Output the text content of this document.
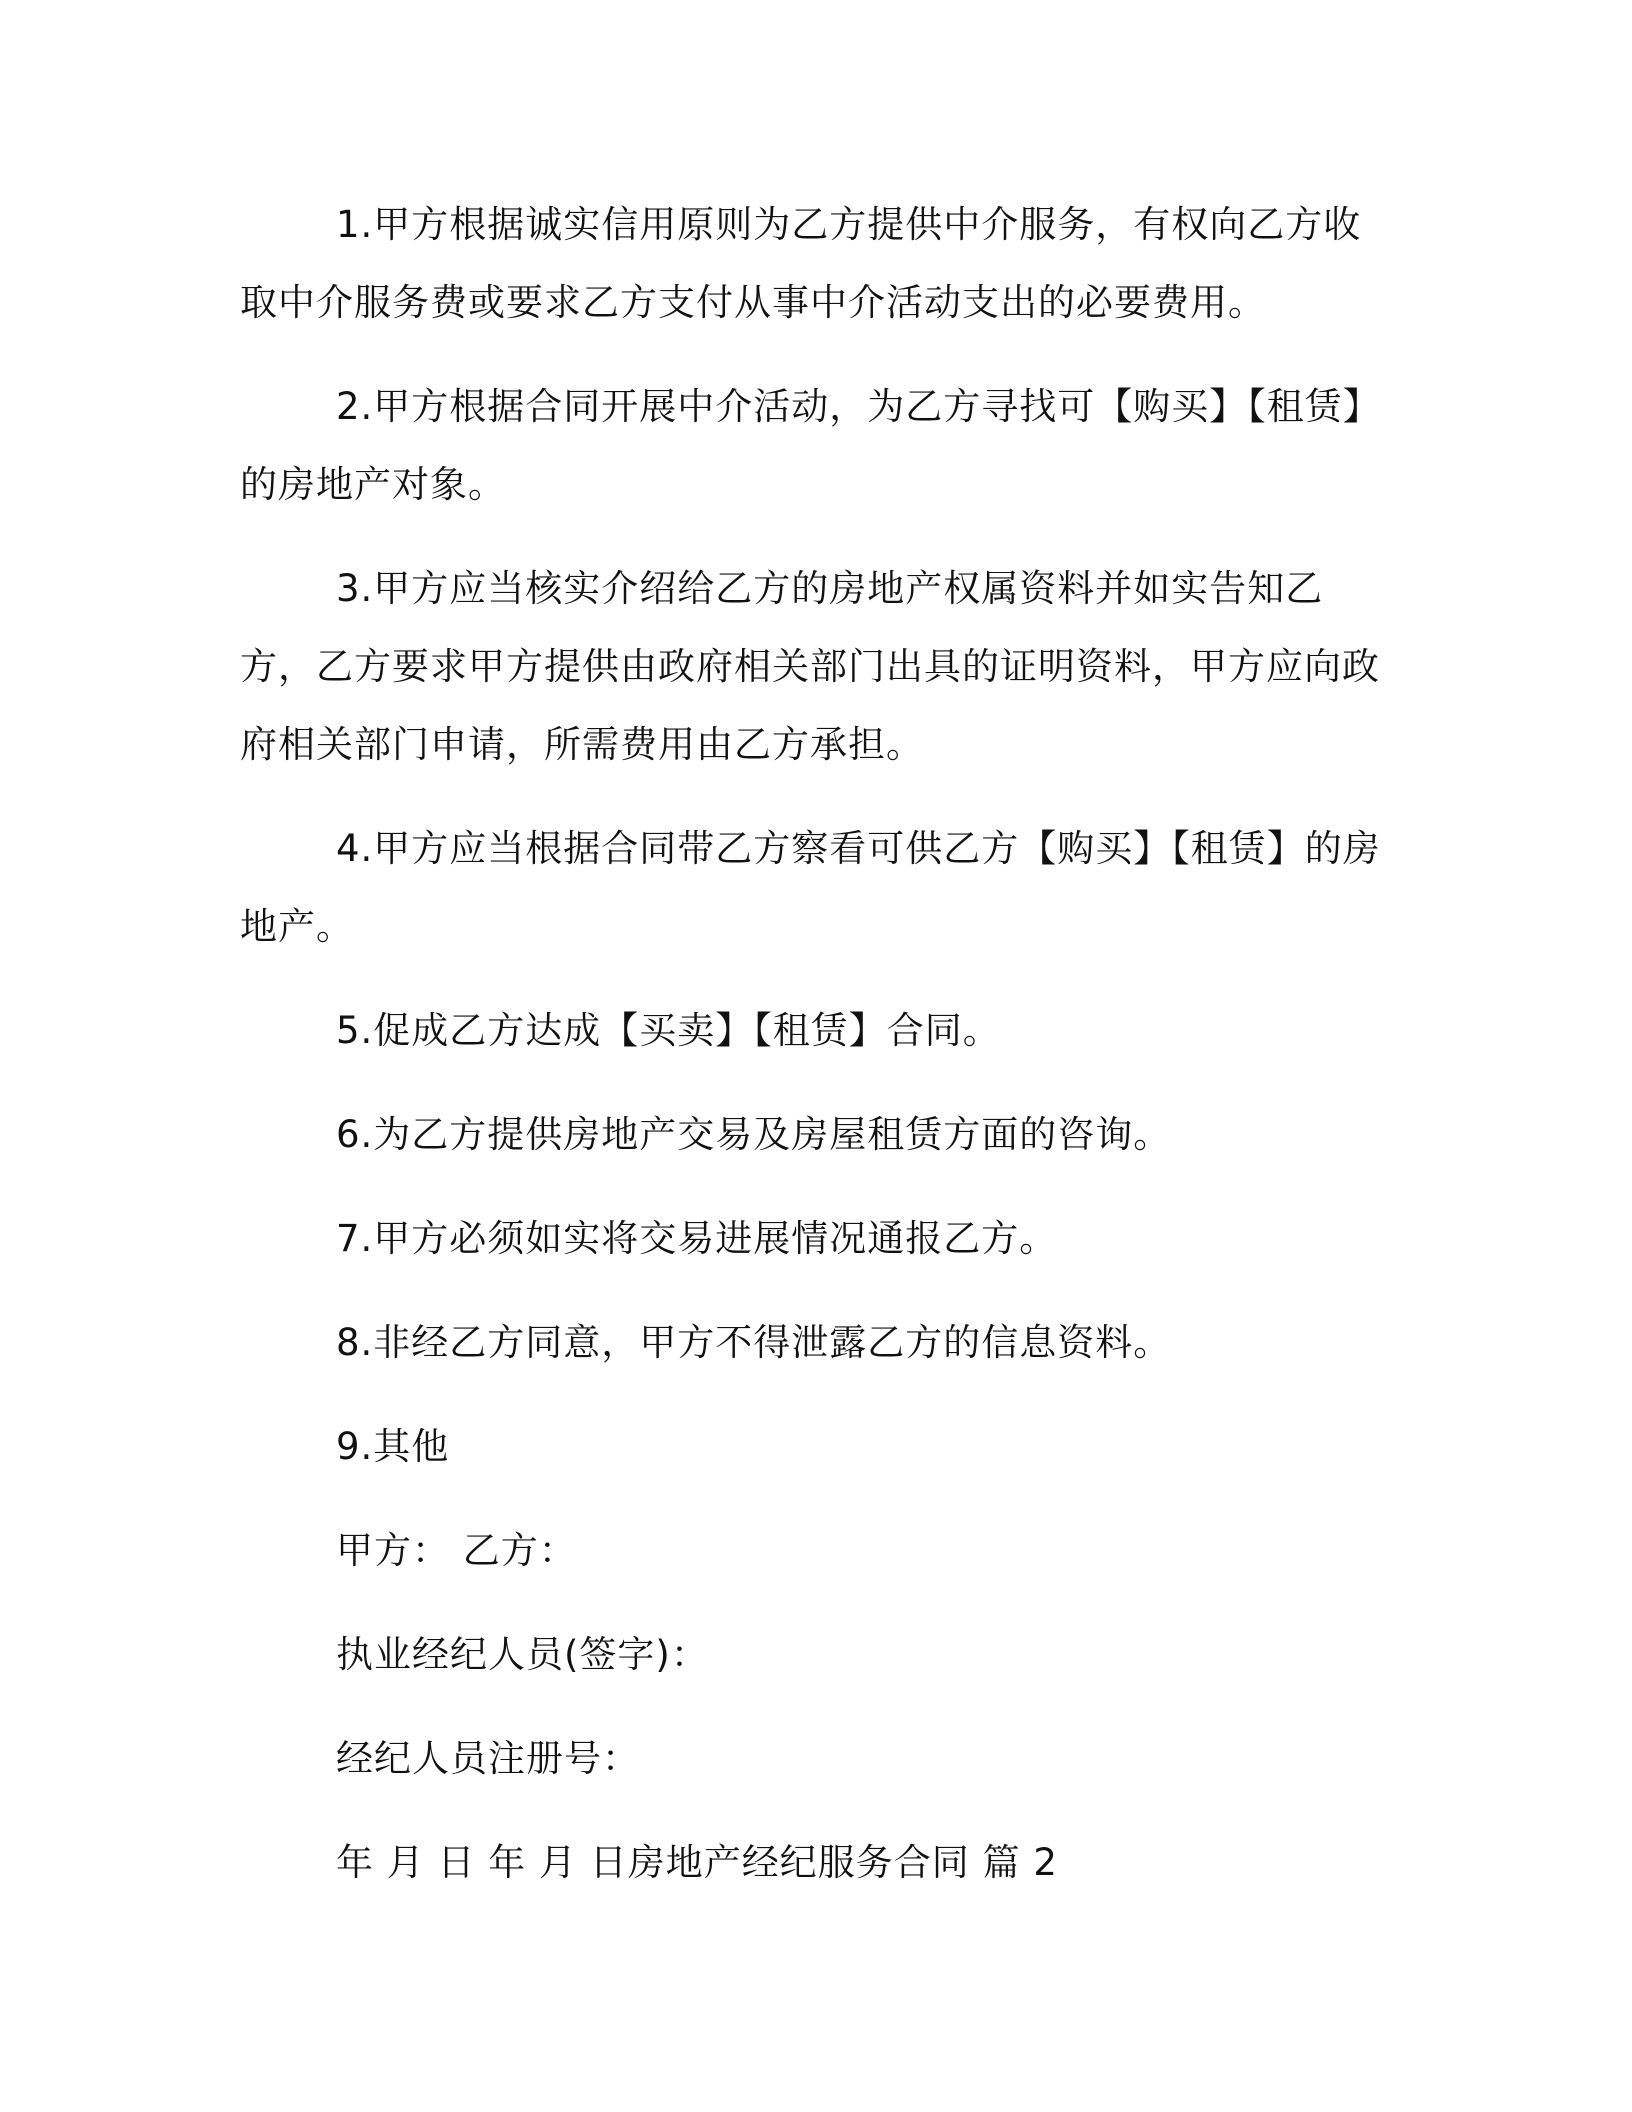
1.甲方根据诚实信用原则为乙方提供中介服务，有权向乙方收取中介服务费或要求乙方支付从事中介活动支出的必要费用。

2.甲方根据合同开展中介活动，为乙方寻找可【购买】【租赁】的房地产对象。

3.甲方应当核实介绍给乙方的房地产权属资料并如实告知乙方，乙方要求甲方提供由政府相关部门出具的证明资料，甲方应向政府相关部门申请，所需费用由乙方承担。

4.甲方应当根据合同带乙方察看可供乙方【购买】【租赁】的房地产。

5.促成乙方达成【买卖】【租赁】合同。

6.为乙方提供房地产交易及房屋租赁方面的咨询。

7.甲方必须如实将交易进展情况通报乙方。

8.非经乙方同意，甲方不得泄露乙方的信息资料。

9.其他

甲方： 乙方：

执业经纪人员(签字)：

经纪人员注册号：

年 月 日 年 月 日房地产经纪服务合同 篇 2
